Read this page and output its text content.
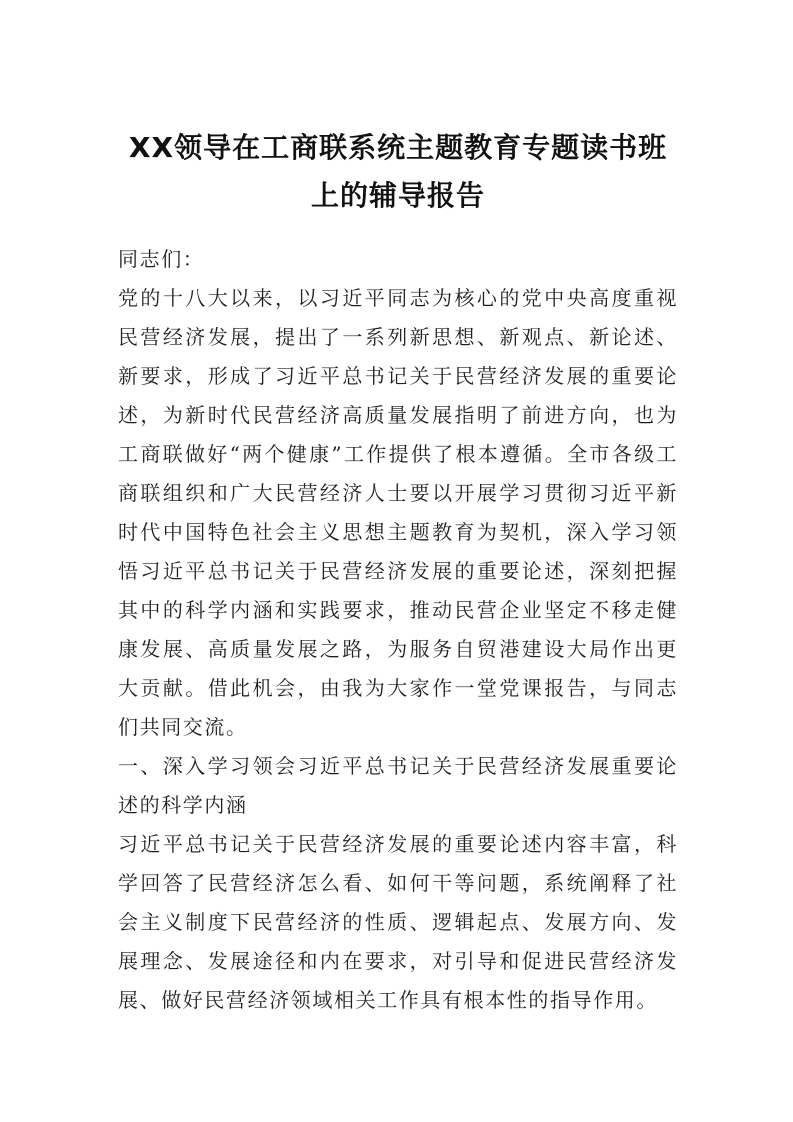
XX领导在工商联系统主题教育专题读书班
上的辅导报告

同志们：

党的十八大以来，以习近平同志为核心的党中央高度重视民营经济发展，提出了一系列新思想、新观点、新论述、新要求，形成了习近平总书记关于民营经济发展的重要论述，为新时代民营经济高质量发展指明了前进方向，也为工商联做好“两个健康”工作提供了根本遵循。全市各级工商联组织和广大民营经济人士要以开展学习贯彻习近平新时代中国特色社会主义思想主题教育为契机，深入学习领悟习近平总书记关于民营经济发展的重要论述，深刻把握其中的科学内涵和实践要求，推动民营企业坚定不移走健康发展、高质量发展之路，为服务自贸港建设大局作出更大贡献。借此机会，由我为大家作一堂党课报告，与同志们共同交流。

一、深入学习领会习近平总书记关于民营经济发展重要论述的科学内涵

习近平总书记关于民营经济发展的重要论述内容丰富，科学回答了民营经济怎么看、如何干等问题，系统阐释了社会主义制度下民营经济的性质、逻辑起点、发展方向、发展理念、发展途径和内在要求，对引导和促进民营经济发展、做好民营经济领域相关工作具有根本性的指导作用。
